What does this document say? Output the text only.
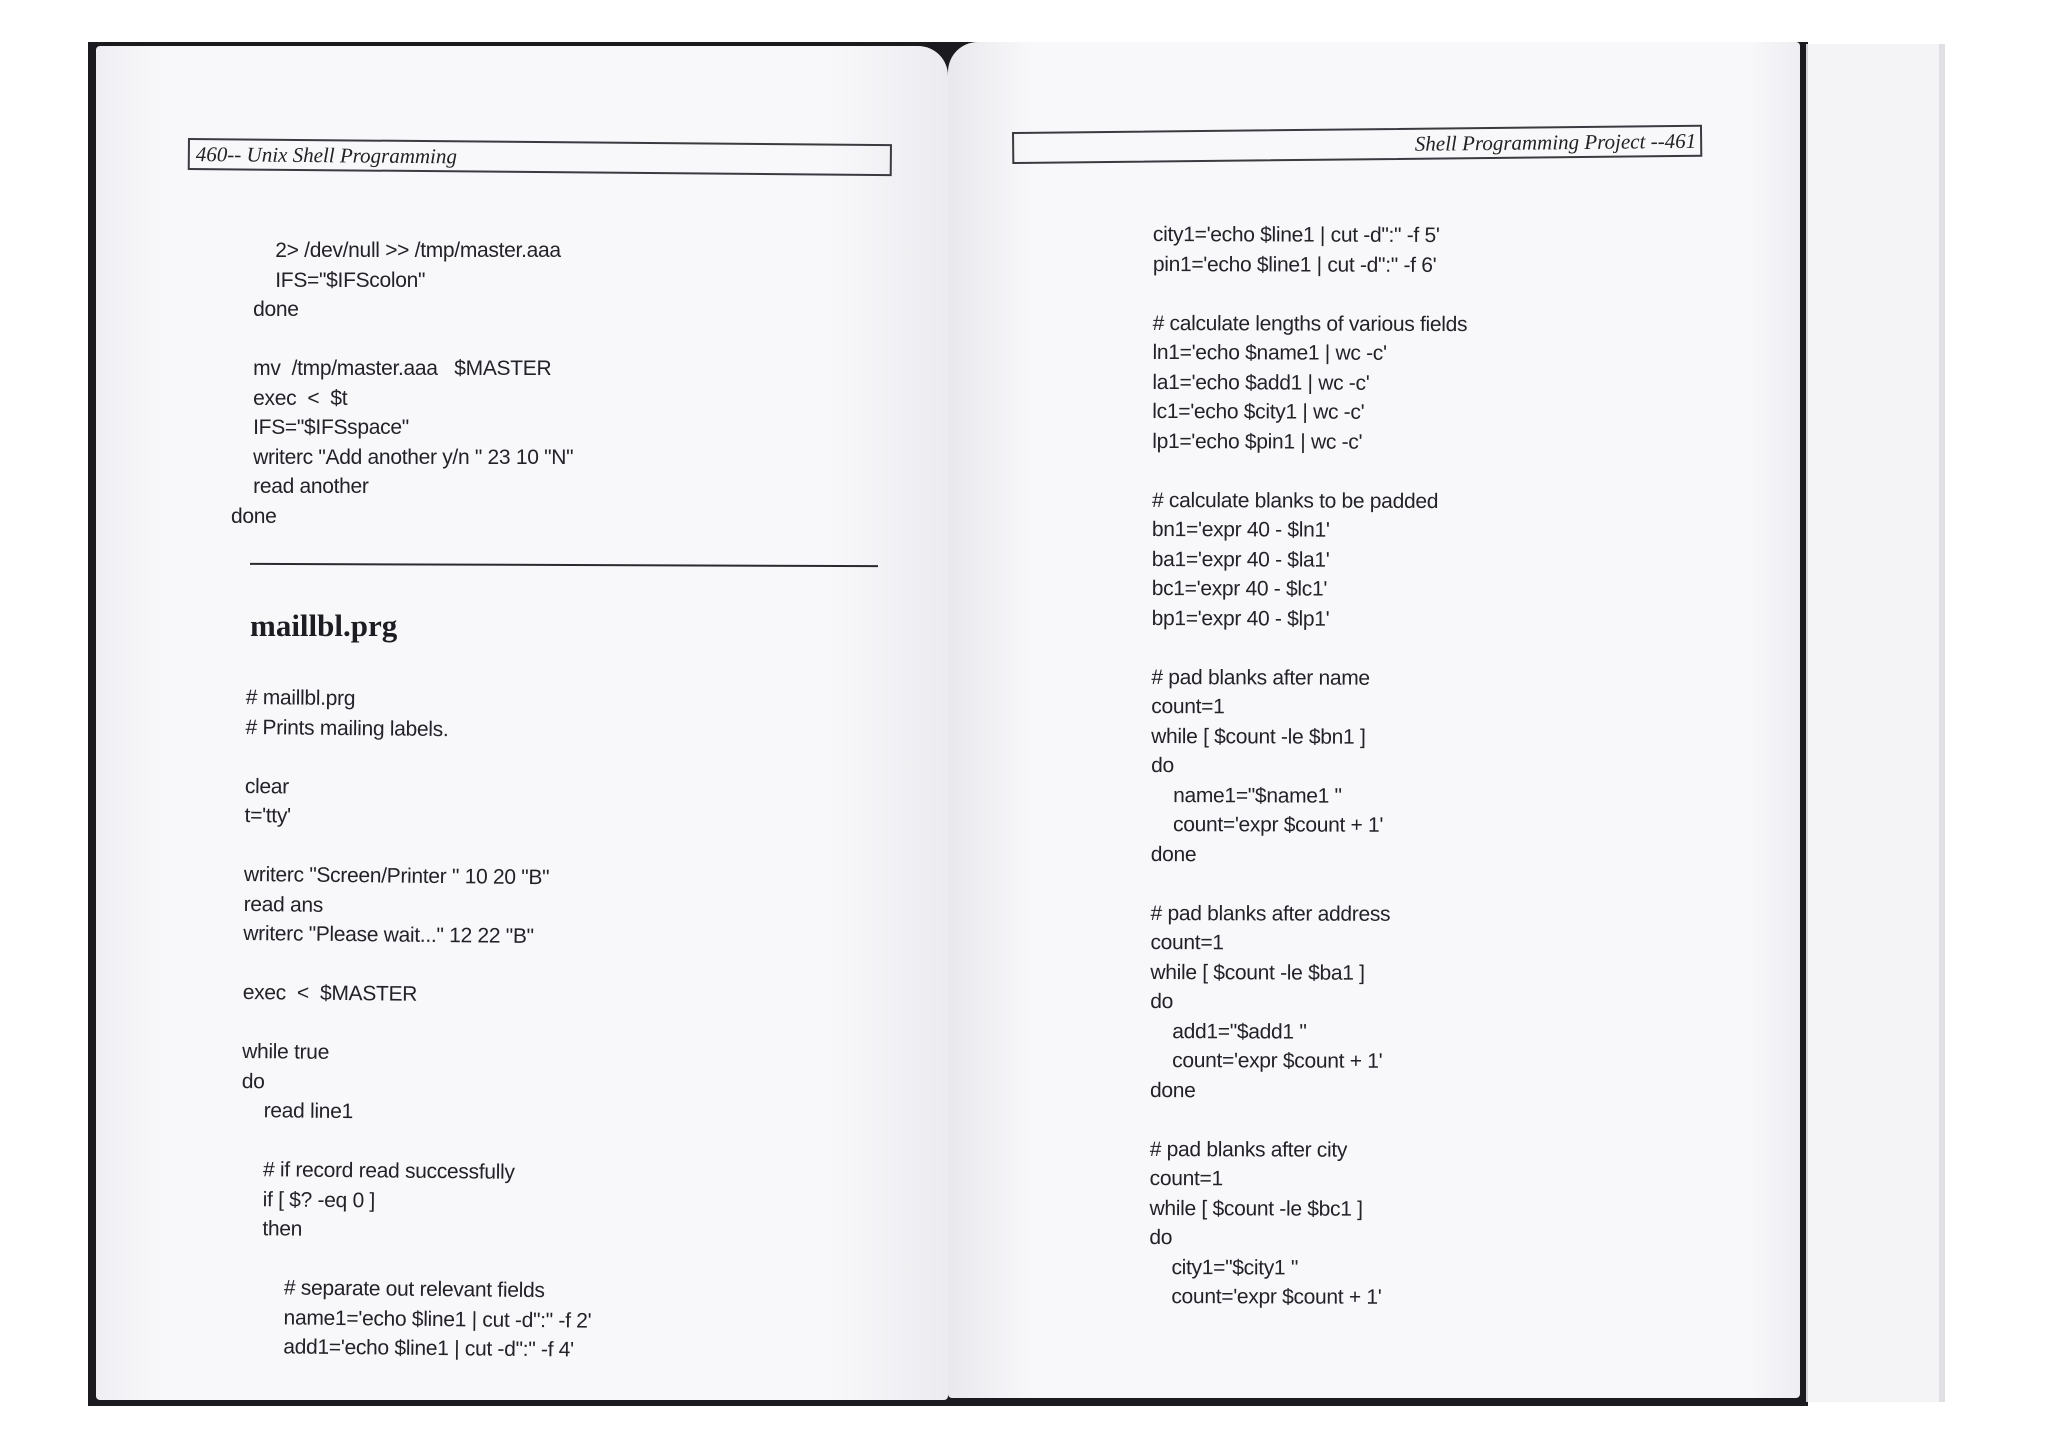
460-- Unix Shell Programming
2> /dev/null >> /tmp/master.aaa
IFS="$IFScolon"
done

mv  /tmp/master.aaa   $MASTER
exec  <  $t
IFS="$IFSspace"
writerc "Add another y/n " 23 10 "N"
read another
done
maillbl.prg
# maillbl.prg
# Prints mailing labels.

clear
t='tty'

writerc "Screen/Printer " 10 20 "B"
read ans
writerc "Please wait..." 12 22 "B"

exec  <  $MASTER

while true
do
read line1

# if record read successfully
if [ $? -eq 0 ]
then

# separate out relevant fields
name1='echo $line1 | cut -d":" -f 2'
add1='echo $line1 | cut -d":" -f 4'
Shell Programming Project --461
city1='echo $line1 | cut -d":" -f 5'
pin1='echo $line1 | cut -d":" -f 6'

# calculate lengths of various fields
ln1='echo $name1 | wc -c'
la1='echo $add1 | wc -c'
lc1='echo $city1 | wc -c'
lp1='echo $pin1 | wc -c'

# calculate blanks to be padded
bn1='expr 40 - $ln1'
ba1='expr 40 - $la1'
bc1='expr 40 - $lc1'
bp1='expr 40 - $lp1'

# pad blanks after name
count=1
while [ $count -le $bn1 ]
do
name1="$name1 "
count='expr $count + 1'
done

# pad blanks after address
count=1
while [ $count -le $ba1 ]
do
add1="$add1 "
count='expr $count + 1'
done

# pad blanks after city
count=1
while [ $count -le $bc1 ]
do
city1="$city1 "
count='expr $count + 1'
